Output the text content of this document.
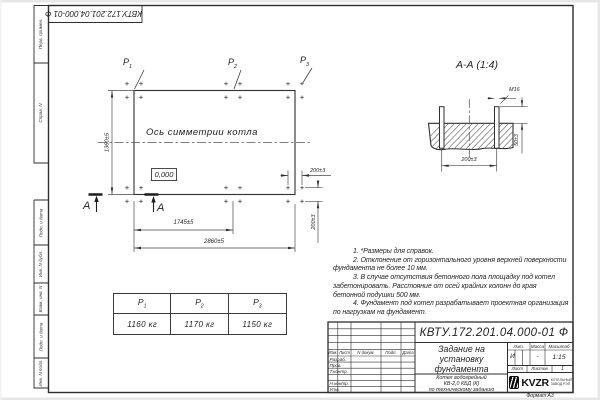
КВТУ.172.201.04.000-01 Ф
Перв. примен.
Справ. N
Подп. и дата
Инв. N дубл.
Взам. инв. N
Подп. и дата
Инв. N подл.
$P_1$	$P_2$
$P_3$
Ось симметрии котла
0,000
1360±5
1745±5
2860±5
200±3
200±3
А	А
А-А (1:4)
М16
50±3
200±3
$P_1$	$P_2$	$P_3$
1160 кг	1170 кг	1150 кг

1. *Размеры для справок.

2. Отклонение от горизонтального уровня верхней поверхности фундамента не более 10 мм.

3. В случае отсутствия бетонного пола площадку под котел забетонировать. Расстояние от осей крайних колонн до края бетонной подушки 500 мм.

4. Фундамент под котел разрабатывает проектная организация по нагрузкам на фундамент.

КВТУ.172.201.04.000-01 Ф
Задание на
установку
фундамента
Изм. Лист	N докум.	Подп.	Дата
Разраб.
Пров.
Т.контр.
Н.контр.
Утв.
Лит.	Масса Масштаб
И	-	1:15
Лист	Листов	1
Котел водогрейный
КВ-2,0 КБД (К)
по техническому заданию
KVZR КОТЕЛЬНЫЙ
ЗАВОД РЭП
Формат А3
